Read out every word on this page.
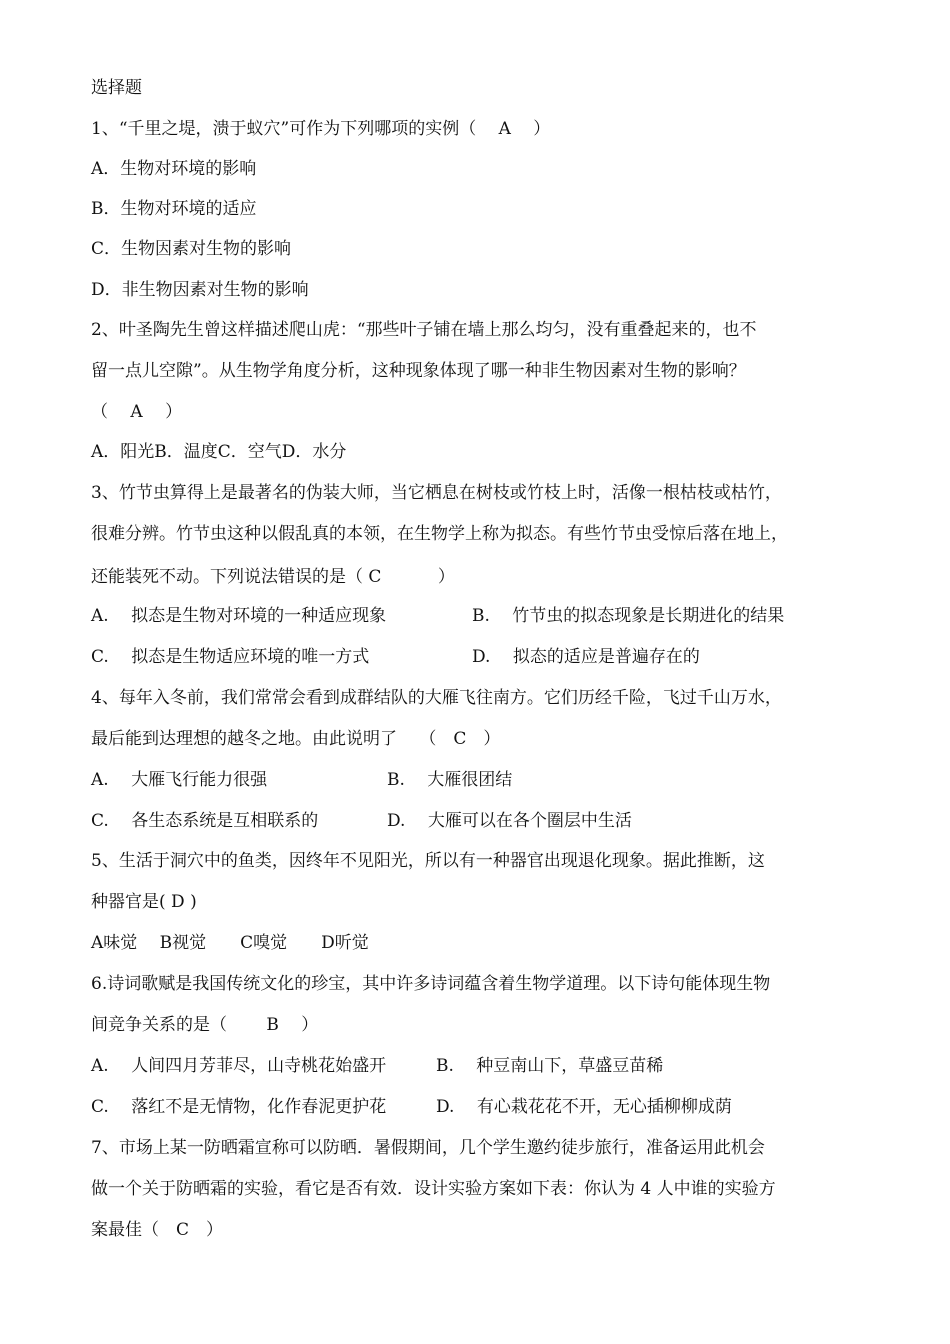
选择题
1、“千里之堤，溃于蚁穴”可作为下列哪项的实例（　 A　 ）
A．生物对环境的影响
B．生物对环境的适应
C．生物因素对生物的影响
D．非生物因素对生物的影响
2、叶圣陶先生曾这样描述爬山虎：“那些叶子铺在墙上那么均匀，没有重叠起来的，也不
留一点儿空隙”。从生物学角度分析，这种现象体现了哪一种非生物因素对生物的影响？
（　 A　 ）
A．阳光B．温度C．空气D．水分
3、竹节虫算得上是最著名的伪装大师，当它栖息在树枝或竹枝上时，活像一根枯枝或枯竹，
很难分辨。竹节虫这种以假乱真的本领，在生物学上称为拟态。有些竹节虫受惊后落在地上，
还能装死不动。下列说法错误的是（ C　　　 ）
A.　 拟态是生物对环境的一种适应现象	B.　 竹节虫的拟态现象是长期进化的结果
C.　 拟态是生物适应环境的唯一方式	D.　 拟态的适应是普遍存在的
4、每年入冬前，我们常常会看到成群结队的大雁飞往南方。它们历经千险，飞过千山万水，
最后能到达理想的越冬之地。由此说明了　 （　C　）
A.　 大雁飞行能力很强	B.　 大雁很团结
C.　 各生态系统是互相联系的	D.　 大雁可以在各个圈层中生活
5、生活于洞穴中的鱼类，因终年不见阳光，所以有一种器官出现退化现象。据此推断，这
种器官是( D )
A味觉　 B视觉　　C嗅觉　　D听觉
6.诗词歌赋是我国传统文化的珍宝，其中许多诗词蕴含着生物学道理。以下诗句能体现生物
间竞争关系的是（　　 B　 ）
A.　 人间四月芳菲尽，山寺桃花始盛开	B.　 种豆南山下，草盛豆苗稀
C.　 落红不是无情物，化作春泥更护花	D.　 有心栽花花不开，无心插柳柳成荫
7、市场上某一防晒霜宣称可以防晒．暑假期间，几个学生邀约徒步旅行，准备运用此机会
做一个关于防晒霜的实验，看它是否有效．设计实验方案如下表：你认为 4 人中谁的实验方
案最佳（　C　）
